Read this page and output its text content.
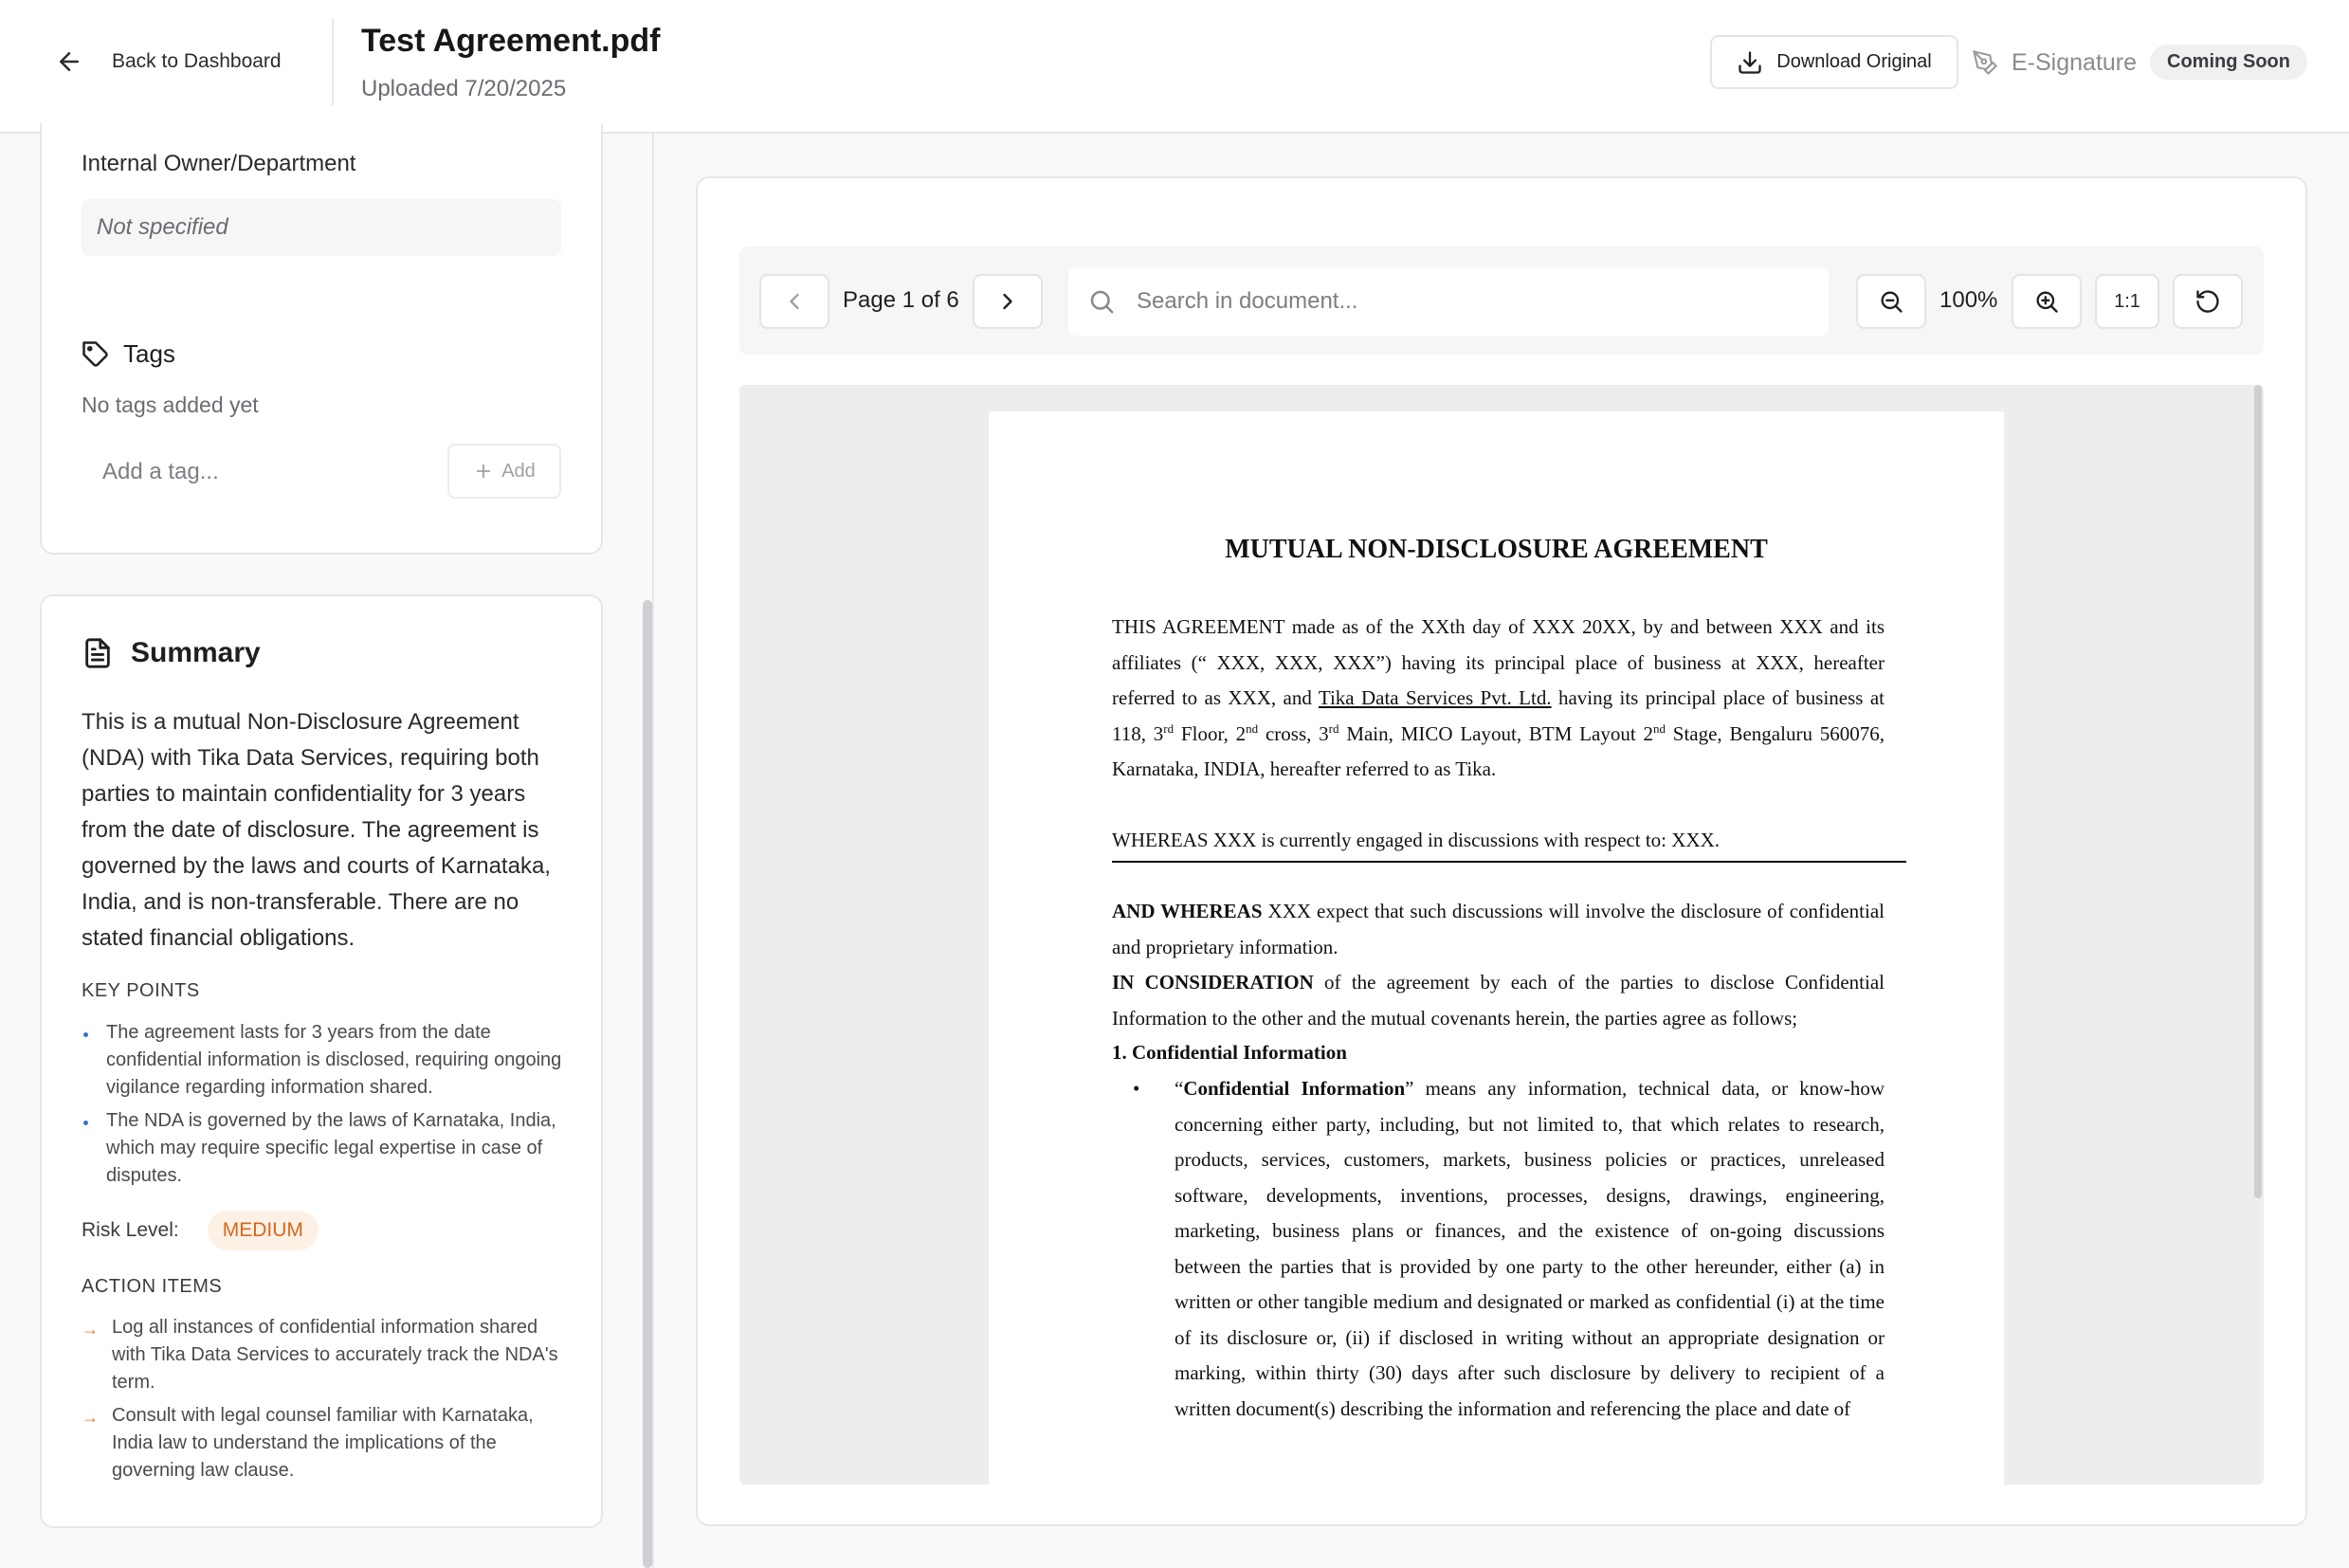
Back to Dashboard
Test Agreement.pdf
Uploaded 7/20/2025
Download Original	E-Signature	Coming Soon
Internal Owner/Department
Not specified
Tags
No tags added yet
Add a tag...
Add
Summary
This is a mutual Non-Disclosure Agreement (NDA) with Tika Data Services, requiring both parties to maintain confidentiality for 3 years from the date of disclosure. The agreement is governed by the laws and courts of Karnataka, India, and is non-transferable. There are no stated financial obligations.
KEY POINTS
The agreement lasts for 3 years from the date confidential information is disclosed, requiring ongoing vigilance regarding information shared.
The NDA is governed by the laws of Karnataka, India, which may require specific legal expertise in case of disputes.
Risk Level:	MEDIUM
ACTION ITEMS
→ Log all instances of confidential information shared with Tika Data Services to accurately track the NDA's term.
→ Consult with legal counsel familiar with Karnataka, India law to understand the implications of the governing law clause.
Page 1 of 6
Search in document...	100%	1:1
MUTUAL NON-DISCLOSURE AGREEMENT
THIS AGREEMENT made as of the XXth day of XXX 20XX, by and between XXX and its affiliates (“ XXX, XXX, XXX”) having its principal place of business at XXX, hereafter referred to as XXX, and Tika Data Services Pvt. Ltd. having its principal place of business at 118, 3rd Floor, 2nd cross, 3rd Main, MICO Layout, BTM Layout 2nd Stage, Bengaluru 560076, Karnataka, INDIA, hereafter referred to as Tika.
WHEREAS XXX is currently engaged in discussions with respect to: XXX.
AND WHEREAS XXX expect that such discussions will involve the disclosure of confidential and proprietary information.
IN CONSIDERATION of the agreement by each of the parties to disclose Confidential Information to the other and the mutual covenants herein, the parties agree as follows;
1. Confidential Information
•	“Confidential Information” means any information, technical data, or know-how concerning either party, including, but not limited to, that which relates to research, products, services, customers, markets, business policies or practices, unreleased software, developments, inventions, processes, designs, drawings, engineering, marketing, business plans or finances, and the existence of on-going discussions between the parties that is provided by one party to the other hereunder, either (a) in written or other tangible medium and designated or marked as confidential (i) at the time of its disclosure or, (ii) if disclosed in writing without an appropriate designation or marking, within thirty (30) days after such disclosure by delivery to recipient of a written document(s) describing the information and referencing the place and date of
